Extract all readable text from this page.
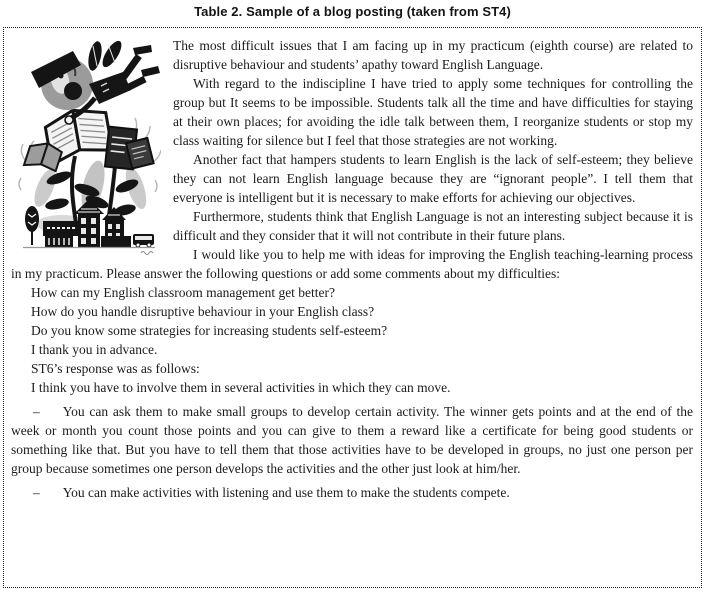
Table 2. Sample of a blog posting (taken from ST4)

The most difficult issues that I am facing up in my practicum (eighth course) are related to disruptive behaviour and students’ apathy toward English Language.

With regard to the indiscipline I have tried to apply some techniques for controlling the group but It seems to be impossible. Students talk all the time and have difficulties for staying at their own places; for avoiding the idle talk between them, I reorganize students or stop my class waiting for silence but I feel that those strategies are not working.

Another fact that hampers students to learn English is the lack of self-esteem; they believe they can not learn English language because they are “ignorant people”. I tell them that everyone is intelligent but it is necessary to make efforts for achieving our objectives.

Furthermore, students think that English Language is not an interesting subject because it is difficult and they consider that it will not contribute in their future plans.

I would like you to help me with ideas for improving the English teaching-learning process in my practicum. Please answer the following questions or add some comments about my difficulties:

How can my English classroom management get better?

How do you handle disruptive behaviour in your English class?

Do you know some strategies for increasing students self-esteem?

I thank you in advance.

ST6’s response was as follows:

I think you have to involve them in several activities in which they can move.

– You can ask them to make small groups to develop certain activity. The winner gets points and at the end of the week or month you count those points and you can give to them a reward like a certificate for being good students or something like that. But you have to tell them that those activities have to be developed in groups, no just one person per group because sometimes one person develops the activities and the other just look at him/her.

– You can make activities with listening and use them to make the students compete.
